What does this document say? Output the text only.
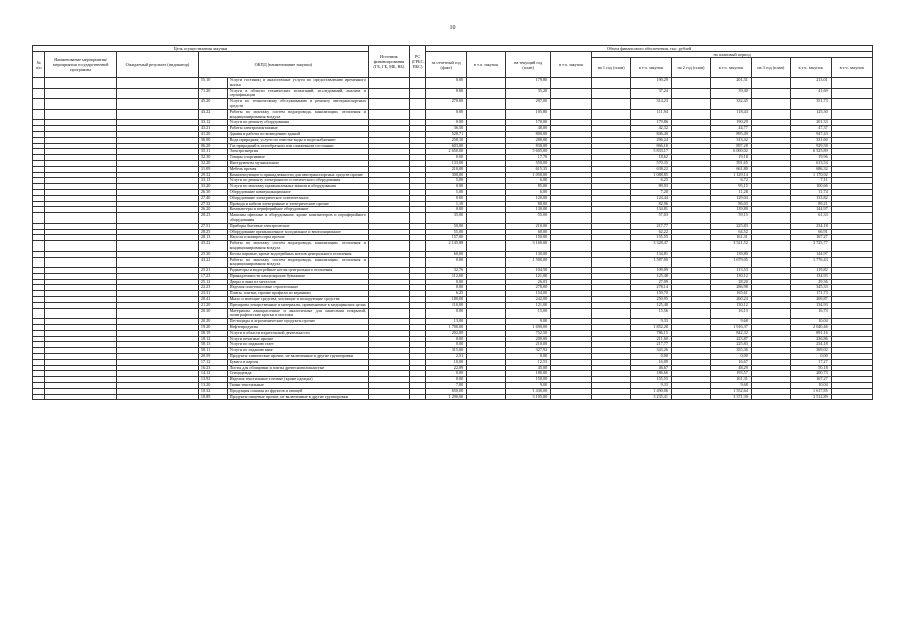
10
Цель осуществления закупки					Источник финансирования (ГБ, ГБ, МБ, ВБ)	РС (ГРБС, ПБС)	Объем финансового обеспечения, тыс. рублей										
№ п/п	Наименование мероприятия/ мероприятия государственной программы	Ожидаемый результат (индикатор)	ОКПД (наименование закупки)				за отчетный год (факт)	в т.ч. закупок	на текущий год (план)	в т.ч. закупок	на плановый период						
											на 1 год (план)	в т.ч. закупок	на 2 год (план)	в т.ч. закупок	на 3 год (план)	в т.ч. закупок	в т.ч. закупок
			55.10	Услуги гостиниц и аналогичные услуги по предоставлению временного жилья			0.00		179,80			190,29		201,31		213,01	
			71.20	Услуги в области технических испытаний, исследований, анализа и сертификации			0.00		35,20			37,24		39,40		41,69	
			45.20	Услуги по техническому обслуживанию и ремонту автотранспортных средств			270.00		297,00			314,23		332,45		351,73	
			43.22	Работы по монтажу систем водопровода, канализации, отопления и кондиционирования воздуха			0.00		105,80			111,94		118,43		125,30	
			33.12	Услуги по ремонту оборудования			0.00		170,00			179,86		190,29		201,33	
			43.21	Работы электромонтажные			36,50		40,00			42,32		44,77		47,37	
			41.20	Здания и работы по возведению зданий			528,71		800,00			846,40		895,49		947,43	
			36.00	Вода природная; услуги по очистке воды и водоснабжению			258,10		280,00			296,24		313,42		331,60	
			06.20	Газ природный в газообразном или сжиженном состоянии			603,00		830,00			866,10		897,28		929,58	
			35.11	Электроэнергия			2 650,00		5 605,00			5 833,17		6 000,02		6 525,89	
			32.30	Товары спортивные			0.00		17,70			18,62		19,18		19,96	
			32.20	Инструменты музыкальные			133,00		550,00			570,35		591,65		613,54	
			31.09	Мебель прочая			210,00		615,35			638,22		661,80		686,32	
			29.32	Комплектующие и принадлежности для автотранспортных средств прочие			300,00		1 050,00			1 088,85		1 129,14		1 170,92	
			33.13	Услуги по ремонту электронного и оптического оборудования			5,00		6,00			6,25		6,72		7,11	
			33.20	Услуги по монтажу промышленных машин и оборудования			0.00		85,00			89,93		95,15		100,66	
			26.30	Оборудование коммуникационное			5,00		6,00			7,20		11,28		11,74	
			27.40	Оборудование электрическое осветительное			0.00		120,00			124,44		129,04		133,82	
			27.32	Провода и кабели электронные и электрические прочие			1,10		80,00			82,96		86,03		89,21	
			26.20	Компьютеры и периферийное оборудование			0.00		130,00			134,81		139,80		144,97	
			28.23	Машины офисные и оборудование, кроме компьютеров и периферийного оборудования			35,00		55,00			57,03		59,15		61,33	
			27.51	Приборы бытовые электрические			50,00		210,00			217,77		225,83		234,18	
			28.25	Оборудование промышленное холодильное и вентиляционное			55,00		60,00			62,22		64,52		66,91	
			28.13	Насосы и компрессоры прочие			157,00		150,00			155,55		161,31		167,27	
			43.22	Работы по монтажу систем водопровода, канализации, отопления и кондиционирования воздуха			2 145,88		3 160,00			3 328,47		3 521,52		3 725,77	
			25.30	Котлы паровые, кроме водогрейных котлов центрального отопления			60,00		130,00			134,81		139,80		144,97	
			43.22	Работы по монтажу систем водопровода, канализации, отопления и кондиционирования воздуха			0.00		1 500,00			1 587,00		1 679,05		1 776,43	
			25.21	Радиаторы и водогрейные котлы центрального отопления			32,76		104,50			109,09		113,53		119,82	
			17.23	Принадлежности канцелярские бумажные			112,00		121,00			125,48		130,12		134,93	
			25.12	Двери и окна из металлов			0.00		26,03			27,09		28,20		29,36	
			22.23	Изделия пластмассовые строительные			0.00		270,00			278,14		286,98		345,33	
			23.31	Плиты, плитки, прочие профили из керамики			6,25		154,00			159,70		165,61		171,73	
			20.41	Мыло и моющие средства, чистящие и полирующие средства			180,00		242,00			250,95		260,24		269,87	
			21.20	Препараты лекарственные и материалы, применяемые в медицинских целях			110,00		121,00			125,48		130,12		134,93	
			20.30	Материалы лакокрасочные и аналогичные для нанесения покрытий, полиграфические краски и мастики			0.00		15,00			15,56		16,13		16,73	
			20.20	Пестициды и агрохимические продукты прочие			13,00		9,00			9,33		9,68		10,04	
			19.20	Нефтепродукты			1 700,00		1 690,00			1 852,28		1 916,37		2 040,46	
			58.19	Услуги в области издательской деятельности			202,00		752,50			786,15		842,32		891,16	
			18.12	Услуги печатные прочие			0.00		200,00			211,60		223,87		236,86	
			58.13	Услуги по изданию газет			0.00		210,00			217,77		225,83		234,18	
			58.11	Услуги по изданию книг			315,00		327,92			343,26		355,36		369,02	
			20.59	Продукты химические прочие, не включенные в другие группировки			2,51		0,00			0,00		0,00		0,00	
			17.12	Бумага и картон			10,00		12,53			16,09		16,67		17,27	
			16.23	Листы для облицовки и плиты древесноволокнистые			22,89		45,00			46,67		48,29		50,18	
			14.12	Спецодежда			0.00		180,00			186,66		193,57		200,73	
			13.92	Изделия текстильные готовые (кроме одежды)			0.00		150,00			155,55		161,31		167,27	
			13.20	Ткани текстильные			7,00		9,00			9,33		9,68		10,04	
			10.32	Продукция соковая из фруктов и овощей			650,00		1 430,00			1 490,06		1 552,64		1 617,85	
			10.89	Продукты пищевые прочие, не включенные в другие группировки			1 290,00		3 105,00			3 235,41		3 371,30		3 512,89	
